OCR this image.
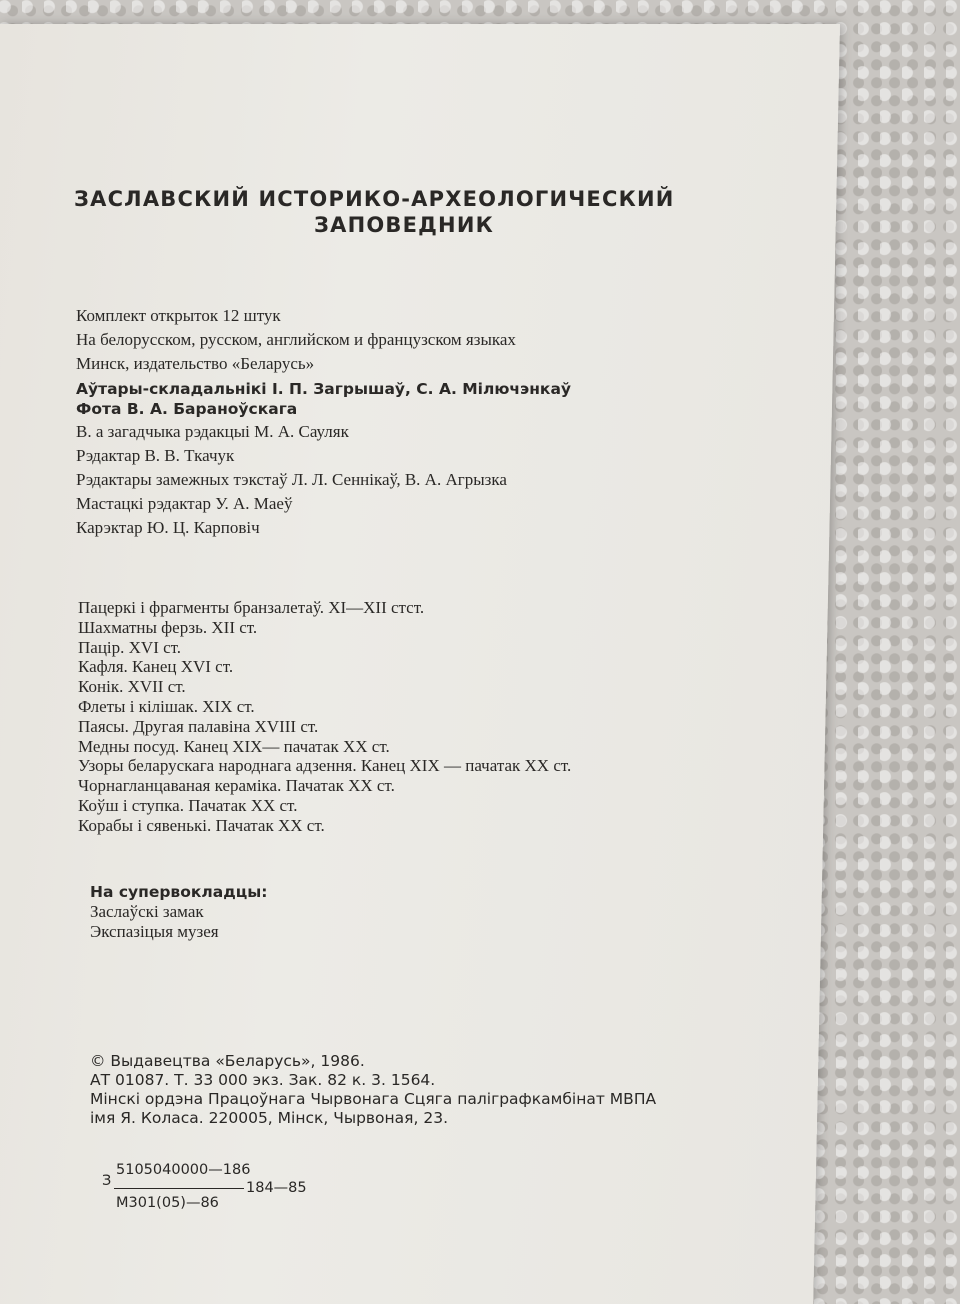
ЗАСЛАВСКИЙ ИСТОРИКО-АРХЕОЛОГИЧЕСКИЙ
ЗАПОВЕДНИК
Комплект открыток 12 штук
На белорусском, русском, английском и французском языках
Минск, издательство «Беларусь»
Аўтары-складальнікі І. П. Загрышаў, С. А. Мілючэнкаў
Фота В. А. Бараноўскага
В. а загадчыка рэдакцыі М. А. Сауляк
Рэдактар В. В. Ткачук
Рэдактары замежных тэкстаў Л. Л. Сеннікаў, В. А. Агрызка
Мастацкі рэдактар У. А. Маеў
Карэктар Ю. Ц. Карповіч
Пацеркі і фрагменты бранзалетаў. XI—XII стст.
Шахматны ферзь. XII ст.
Пацір. XVI ст.
Кафля. Канец XVI ст.
Конік. XVII ст.
Флеты і кілішак. XIX ст.
Паясы. Другая палавіна XVIII ст.
Медны посуд. Канец XIX— пачатак XX ст.
Узоры беларускага народнага адзення. Канец XIX — пачатак XX ст.
Чорнагланцаваная кераміка. Пачатак XX ст.
Коўш і ступка. Пачатак XX ст.
Корабы і сявенькі. Пачатак XX ст.
На супервокладцы:
Заслаўскі замак
Экспазіцыя музея
© Выдавецтва «Беларусь», 1986.
АТ 01087. Т. 33 000 экз. Зак. 82 к. 3. 1564.
Мінскі ордэна Працоўнага Чырвонага Сцяга паліграфкамбінат МВПА
імя Я. Коласа. 220005, Мінск, Чырвоная, 23.
З
5105040000—186
М301(05)—86
184—85
